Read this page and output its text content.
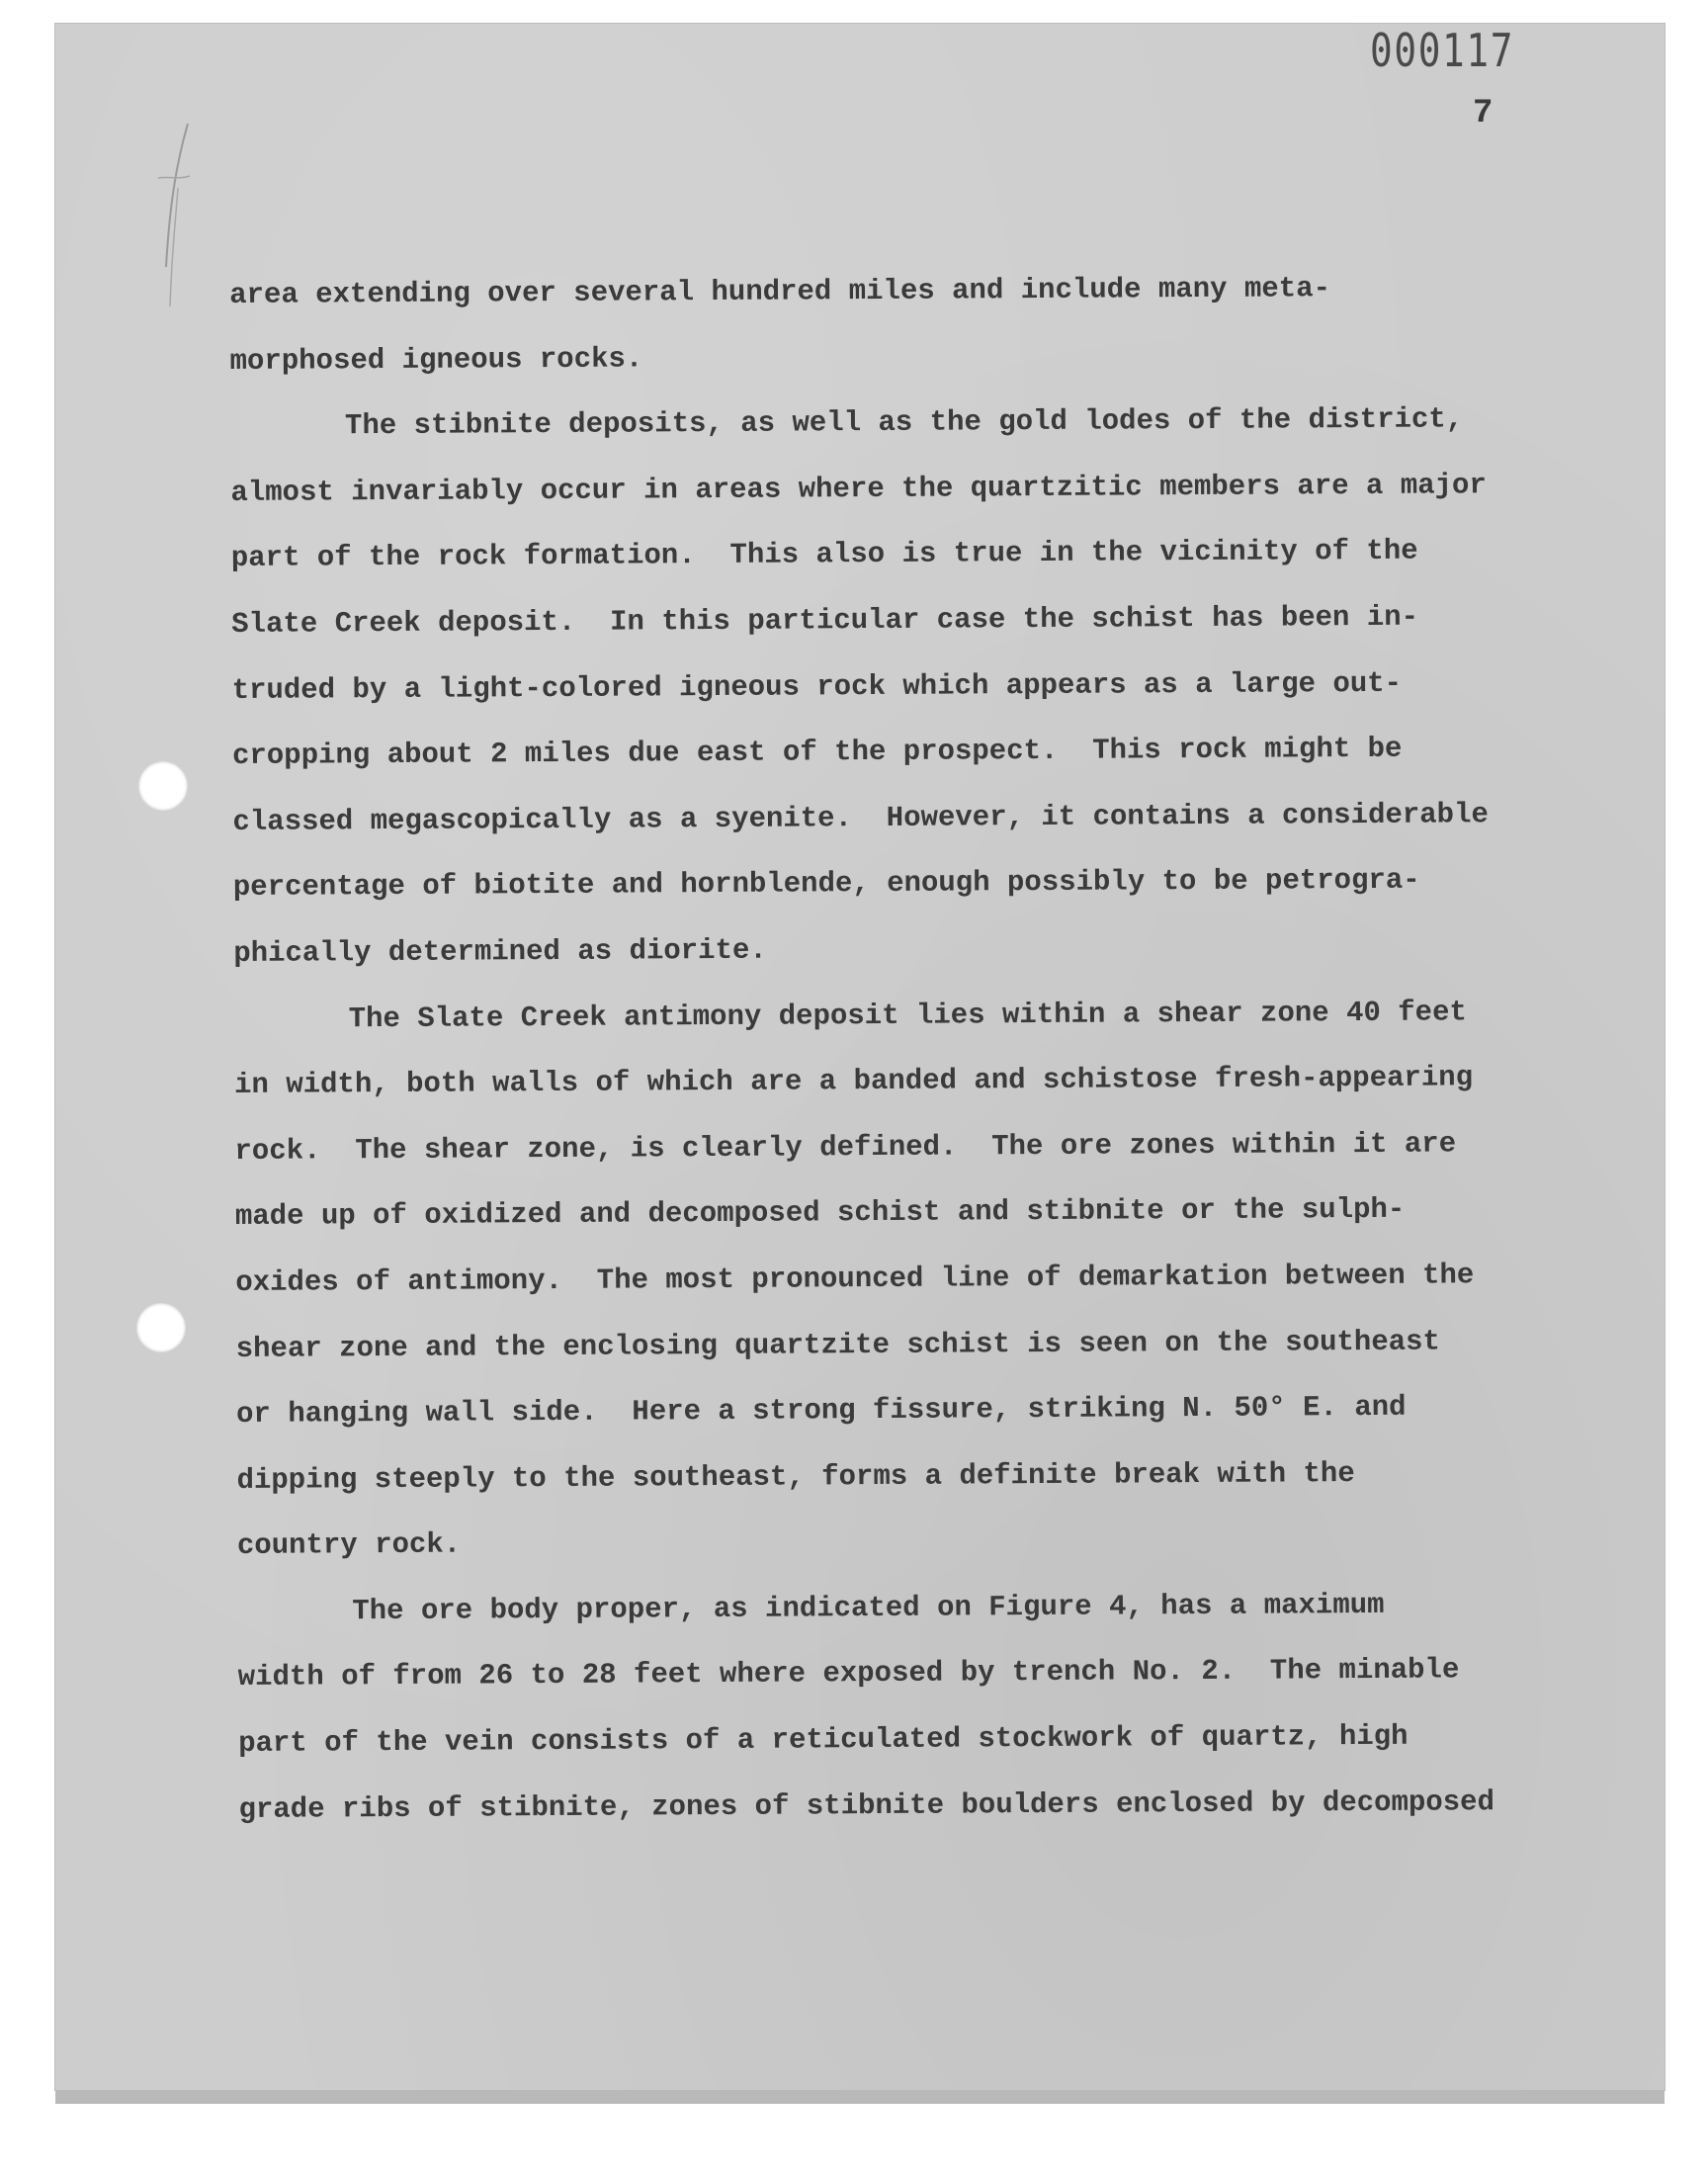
000117
7
area extending over several hundred miles and include many meta-
morphosed igneous rocks.
The stibnite deposits, as well as the gold lodes of the district,
almost invariably occur in areas where the quartzitic members are a major
part of the rock formation.  This also is true in the vicinity of the
Slate Creek deposit.  In this particular case the schist has been in-
truded by a light-colored igneous rock which appears as a large out-
cropping about 2 miles due east of the prospect.  This rock might be
classed megascopically as a syenite.  However, it contains a considerable
percentage of biotite and hornblende, enough possibly to be petrogra-
phically determined as diorite.
The Slate Creek antimony deposit lies within a shear zone 40 feet
in width, both walls of which are a banded and schistose fresh-appearing
rock.  The shear zone, is clearly defined.  The ore zones within it are
made up of oxidized and decomposed schist and stibnite or the sulph-
oxides of antimony.  The most pronounced line of demarkation between the
shear zone and the enclosing quartzite schist is seen on the southeast
or hanging wall side.  Here a strong fissure, striking N. 50° E. and
dipping steeply to the southeast, forms a definite break with the
country rock.
The ore body proper, as indicated on Figure 4, has a maximum
width of from 26 to 28 feet where exposed by trench No. 2.  The minable
part of the vein consists of a reticulated stockwork of quartz, high
grade ribs of stibnite, zones of stibnite boulders enclosed by decomposed
